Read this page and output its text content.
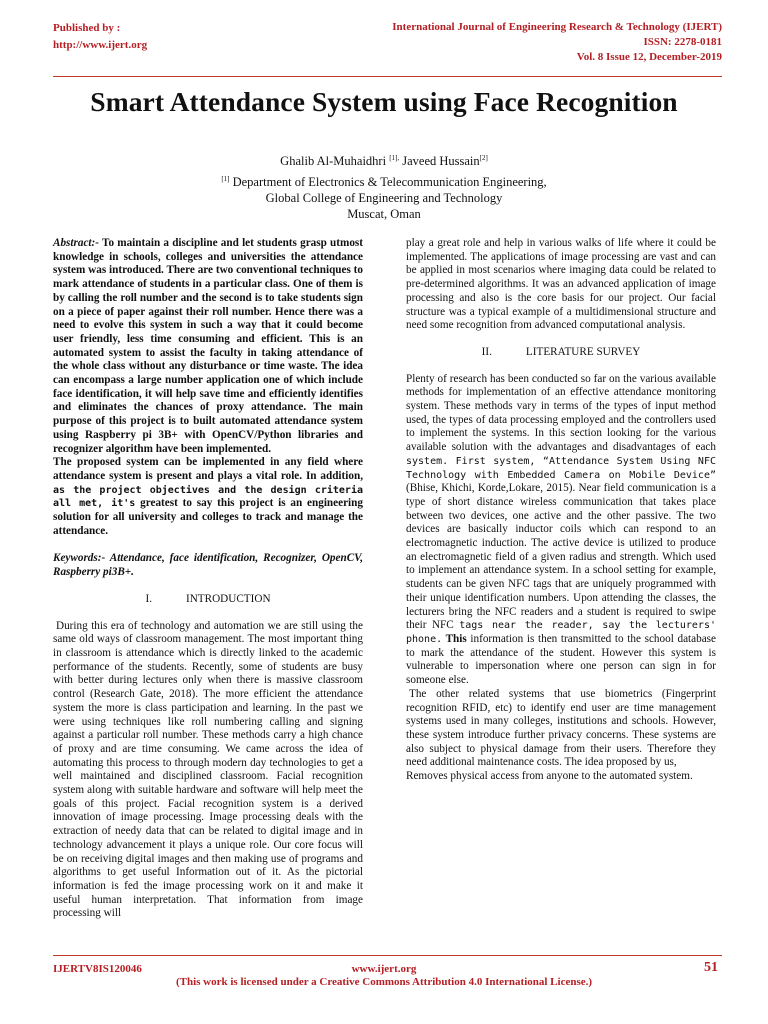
Published by :
http://www.ijert.org
International Journal of Engineering Research & Technology (IJERT)
ISSN: 2278-0181
Vol. 8 Issue 12, December-2019
Smart Attendance System using Face Recognition
Ghalib Al-Muhaidhri $^{[1],}$ Javeed Hussain[2]
[1] Department of Electronics & Telecommunication Engineering,
Global College of Engineering and Technology
Muscat, Oman

Abstract:- To maintain a discipline and let students grasp utmost knowledge in schools, colleges and universities the attendance system was introduced. There are two conventional techniques to mark attendance of students in a particular class. One of them is by calling the roll number and the second is to take students sign on a piece of paper against their roll number. Hence there was a need to evolve this system in such a way that it could become user friendly, less time consuming and efficient. This is an automated system to assist the faculty in taking attendance of the whole class without any disturbance or time waste. The idea can encompass a large number application one of which include face identification, it will help save time and efficiently identifies and eliminates the chances of proxy attendance. The main purpose of this project is to built automated attendance system using Raspberry pi 3B+ with OpenCV/Python libraries and recognizer algorithm have been implemented.

The proposed system can be implemented in any field where attendance system is present and plays a vital role. In addition, as the project objectives and the design criteria all met, it's greatest to say this project is an engineering solution for all university and colleges to track and manage the attendance.

Keywords:- Attendance, face identification, Recognizer, OpenCV, Raspberry pi3B+.

I.	INTRODUCTION

During this era of technology and automation we are still using the same old ways of classroom management. The most important thing in classroom is attendance which is directly linked to the academic performance of the students. Recently, some of students are busy with better during lectures only when there is massive classroom control (Research Gate, 2018). The more efficient the attendance system the more is class participation and learning. In the past we were using techniques like roll numbering calling and signing against a particular roll number. These methods carry a high chance of proxy and are time consuming. We came across the idea of automating this process to through modern day technologies to get a well maintained and disciplined classroom. Facial recognition system along with suitable hardware and software will help meet the goals of this project. Facial recognition system is a derived innovation of image processing. Image processing deals with the extraction of needy data that can be related to digital image and in technology advancement it plays a unique role. Our core focus will be on receiving digital images and then making use of programs and algorithms to get useful Information out of it. As the pictorial information is fed the image processing work on it and make it useful human interpretation. That information from image processing will

play a great role and help in various walks of life where it could be implemented. The applications of image processing are vast and can be applied in most scenarios where imaging data could be related to pre-determined algorithms. It was an advanced application of image processing and also is the core basis for our project. Our facial structure was a typical example of a multidimensional structure and need some recognition from advanced computational analysis.

II.	LITERATURE SURVEY

Plenty of research has been conducted so far on the various available methods for implementation of an effective attendance monitoring system. These methods vary in terms of the types of input method used, the types of data processing employed and the controllers used to implement the systems. In this section looking for the various available solution with the advantages and disadvantages of each system. First system, “Attendance System Using NFC Technology with Embedded Camera on Mobile Device” (Bhise, Khichi, Korde,Lokare, 2015). Near field communication is a type of short distance wireless communication that takes place between two devices, one active and the other passive. The two devices are basically inductor coils which can respond to an electromagnetic induction. The active device is utilized to produce an electromagnetic field of a given radius and strength. Which used to implement an attendance system. In a school setting for example, students can be given NFC tags that are uniquely programmed with their unique identification numbers. Upon attending the classes, the lecturers bring the NFC readers and a student is required to swipe their NFC tags near the reader, say the lecturers' phone. This information is then transmitted to the school database to mark the attendance of the student. However this system is vulnerable to impersonation where one person can sign in for someone else.

The other related systems that use biometrics (Fingerprint recognition RFID, etc) to identify end user are time management systems used in many colleges, institutions and schools. However, these system introduce further privacy concerns. These systems are also subject to physical damage from their users. Therefore they need additional maintenance costs. The idea proposed by us,

Removes physical access from anyone to the automated system.

IJERTV8IS120046	www.ijert.org
(This work is licensed under a Creative Commons Attribution 4.0 International License.)
51
